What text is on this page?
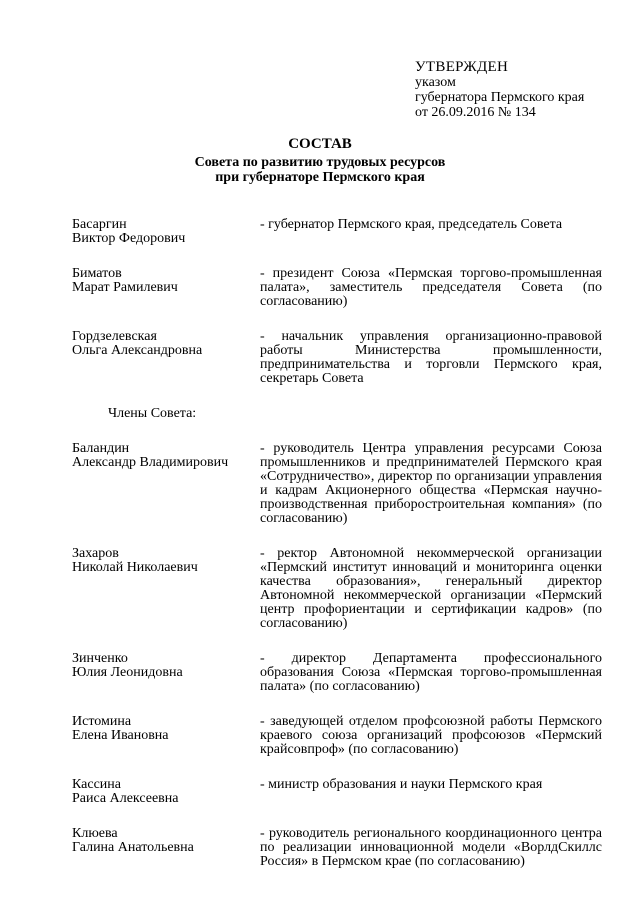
УТВЕРЖДЕН
указом
губернатора Пермского края
от 26.09.2016 № 134
СОСТАВ
Совета по развитию трудовых ресурсов
при губернаторе Пермского края
Басаргин
Виктор Федорович
- губернатор Пермского края, председатель Совета
Биматов
Марат Рамилевич
- президент Союза «Пермская торгово-промышленная палата», заместитель председателя Совета (по согласованию)
Гордзелевская
Ольга Александровна
- начальник управления организационно-правовой работы Министерства промышленности, предпринимательства и торговли Пермского края, секретарь Совета
Члены Совета:
Баландин
Александр Владимирович
- руководитель Центра управления ресурсами Союза промышленников и предпринимателей Пермского края «Сотрудничество», директор по организации управления и кадрам Акционерного общества «Пермская научно-производственная приборостроительная компания» (по согласованию)
Захаров
Николай Николаевич
- ректор Автономной некоммерческой организации «Пермский институт инноваций и мониторинга оценки качества образования», генеральный директор Автономной некоммерческой организации «Пермский центр профориентации и сертификации кадров» (по согласованию)
Зинченко
Юлия Леонидовна
- директор Департамента профессионального образования Союза «Пермская торгово-промышленная палата» (по согласованию)
Истомина
Елена Ивановна
- заведующей отделом профсоюзной работы Пермского краевого союза организаций профсоюзов «Пермский крайсовпроф» (по согласованию)
Кассина
Раиса Алексеевна
- министр образования и науки Пермского края
Клюева
Галина Анатольевна
- руководитель регионального координационного центра по реализации инновационной модели «ВорлдСкиллс Россия» в Пермском крае (по согласованию)
